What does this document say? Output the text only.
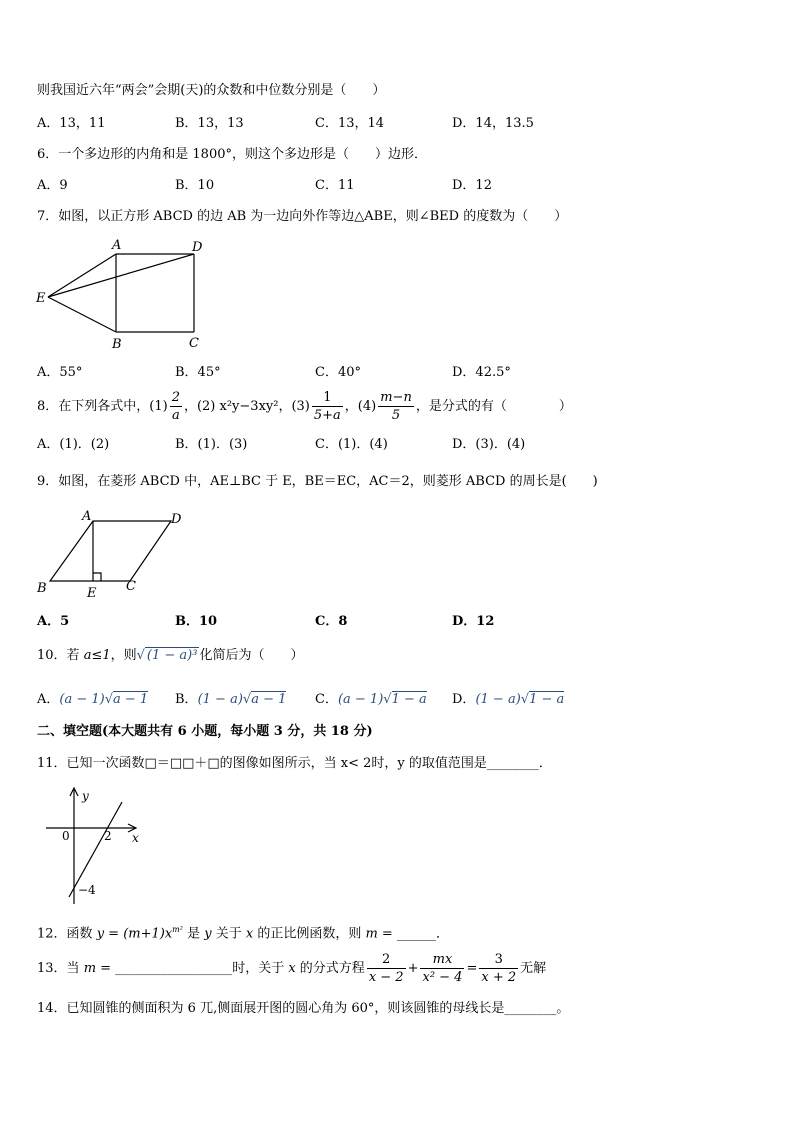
则我国近六年“两会”会期(天)的众数和中位数分别是（　　）
A．13，11	B．13，13	C．13，14	D．14，13.5
6．一个多边形的内角和是 1800°，则这个多边形是（　　）边形．
A．9	B．10	C．11	D．12
7．如图，以正方形 ABCD 的边 AB 为一边向外作等边△ABE，则∠BED 的度数为（　　）
A	D
E
B	C
A．55°	B．45°	C．40°	D．42.5°
8．在下列各式中，$(1) \frac{2}{a}$ ，(2) x²y−3xy²，$(3) \frac{1}{5+a}$ ，$(4) \frac{m-n}{5}$ ，是分式的有（　　　　）
A．(1)．(2)	B．(1)．(3)	C．(1)．(4)	D．(3)．(4)
9．如图，在菱形 ABCD 中，AE⊥BC 于 E，BE＝EC，AC＝2，则菱形 ABCD 的周长是(　　)
A	D
B	C
E
A．5	B．10	C．8	D．12
10．若 a≤1，则√ (1 − a)³ 化简后为（　　）
A．(a − 1)√a − 1 B．(1 − a)√a − 1 C．(a − 1)√1 − a D．(1 − a)√1 − a
二、填空题(本大题共有 6 小题，每小题 3 分，共 18 分)
11．已知一次函数□＝□□＋□的图像如图所示，当 x< 2时，y 的取值范围是________．
y
x
0	2
−4
12．函数 $y = (m+1)x^{m^2}$ 是 y 关于 x 的正比例函数，则 m = ______．
13．当 m = __________________时，关于 x 的分式方程 $\frac{2}{x - 2} + \frac{mx}{\text{x² − 4}} = \frac{3}{x + 2}$ 无解
14．已知圆锥的侧面积为 6 兀,侧面展开图的圆心角为 60°，则该圆锥的母线长是________。
